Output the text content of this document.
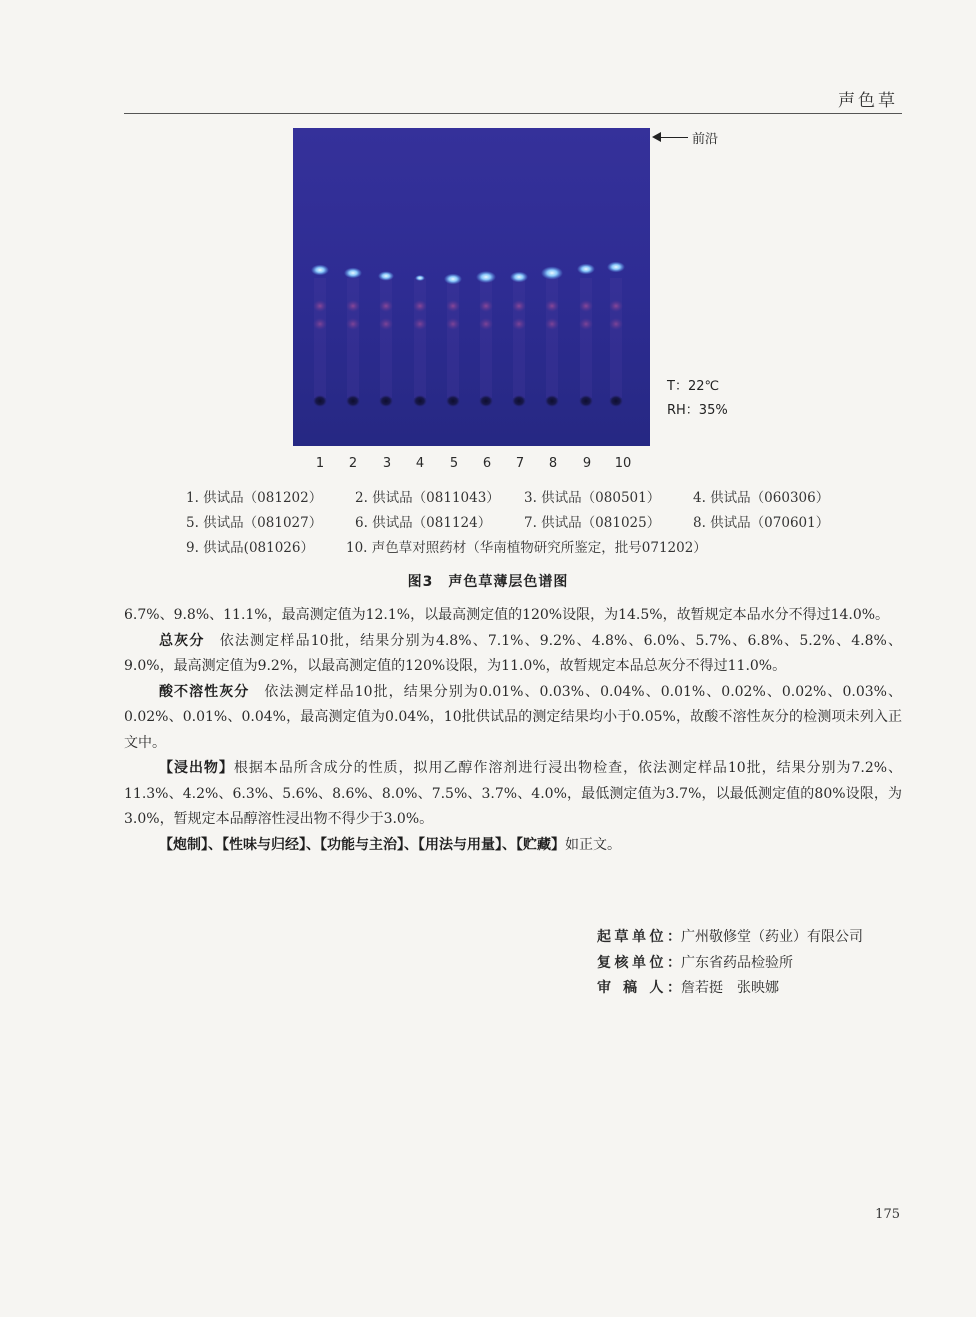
声色草
前沿
T：22℃
RH：35%
1 2 3 4 5 6 7 8 9 10
1. 供试品（081202） 2. 供试品（0811043） 3. 供试品（080501） 4. 供试品（060306）
5. 供试品（081027） 6. 供试品（081124） 7. 供试品（081025） 8. 供试品（070601）
9. 供试品(081026） 10. 声色草对照药材（华南植物研究所鉴定，批号071202）
图3　声色草薄层色谱图

6.7%、9.8%、11.1%，最高测定值为12.1%，以最高测定值的120%设限，为14.5%，故暂规定本品水分不得过14.0%。

总灰分　依法测定样品10批，结果分别为4.8%、7.1%、9.2%、4.8%、6.0%、5.7%、6.8%、5.2%、4.8%、9.0%，最高测定值为9.2%，以最高测定值的120%设限，为11.0%，故暂规定本品总灰分不得过11.0%。

酸不溶性灰分　依法测定样品10批，结果分别为0.01%、0.03%、0.04%、0.01%、0.02%、0.02%、0.03%、0.02%、0.01%、0.04%，最高测定值为0.04%，10批供试品的测定结果均小于0.05%，故酸不溶性灰分的检测项未列入正文中。

【浸出物】根据本品所含成分的性质，拟用乙醇作溶剂进行浸出物检查，依法测定样品10批，结果分别为7.2%、11.3%、4.2%、6.3%、5.6%、8.6%、8.0%、7.5%、3.7%、4.0%，最低测定值为3.7%，以最低测定值的80%设限，为3.0%，暂规定本品醇溶性浸出物不得少于3.0%。

【炮制】、【性味与归经】、【功能与主治】、【用法与用量】、【贮藏】如正文。

起草单位：广州敬修堂（药业）有限公司
复核单位：广东省药品检验所
审 稿 人：詹若挺　张映娜
175
